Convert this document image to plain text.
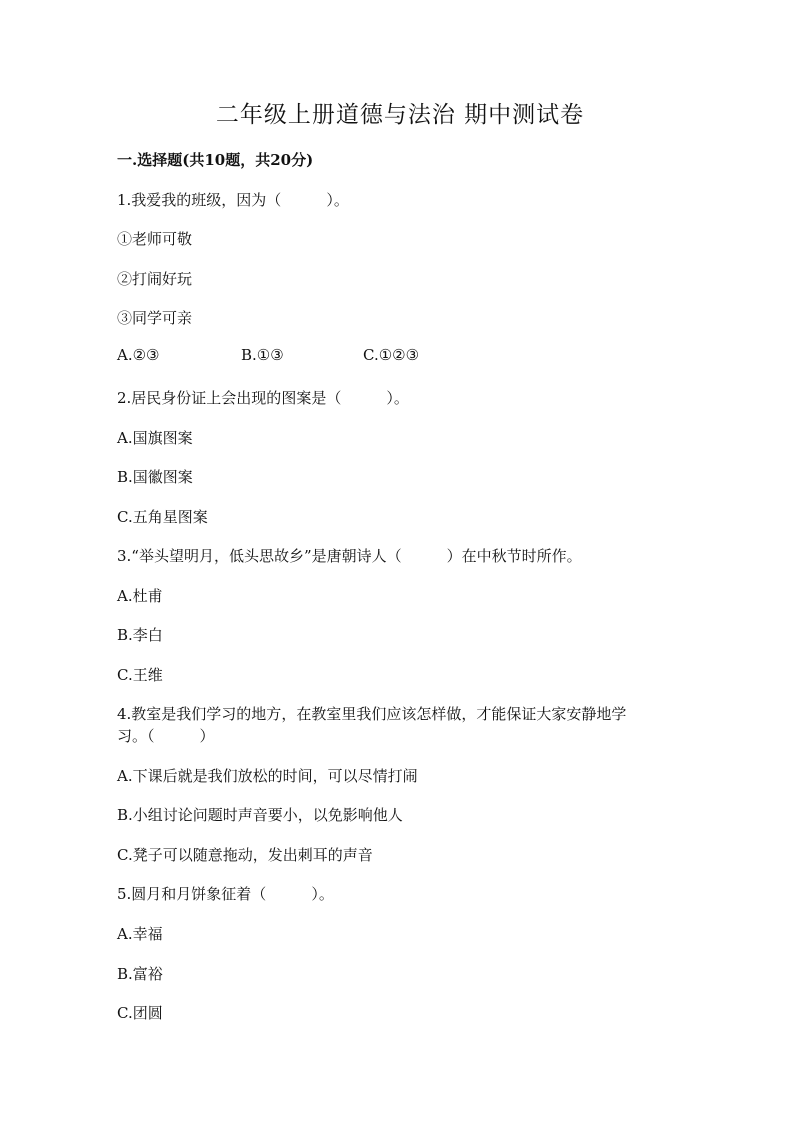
二年级上册道德与法治 期中测试卷
一.选择题(共10题，共20分)
1.我爱我的班级，因为（　　　）。
①老师可敬
②打闹好玩
③同学可亲
A.②③	B.①③	C.①②③
2.居民身份证上会出现的图案是（　　　）。
A.国旗图案
B.国徽图案
C.五角星图案
3.“举头望明月，低头思故乡”是唐朝诗人（　　　）在中秋节时所作。
A.杜甫
B.李白
C.王维
4.教室是我们学习的地方，在教室里我们应该怎样做，才能保证大家安静地学
习。（　　　）
A.下课后就是我们放松的时间，可以尽情打闹
B.小组讨论问题时声音要小，以免影响他人
C.凳子可以随意拖动，发出刺耳的声音
5.圆月和月饼象征着（　　　）。
A.幸福
B.富裕
C.团圆
